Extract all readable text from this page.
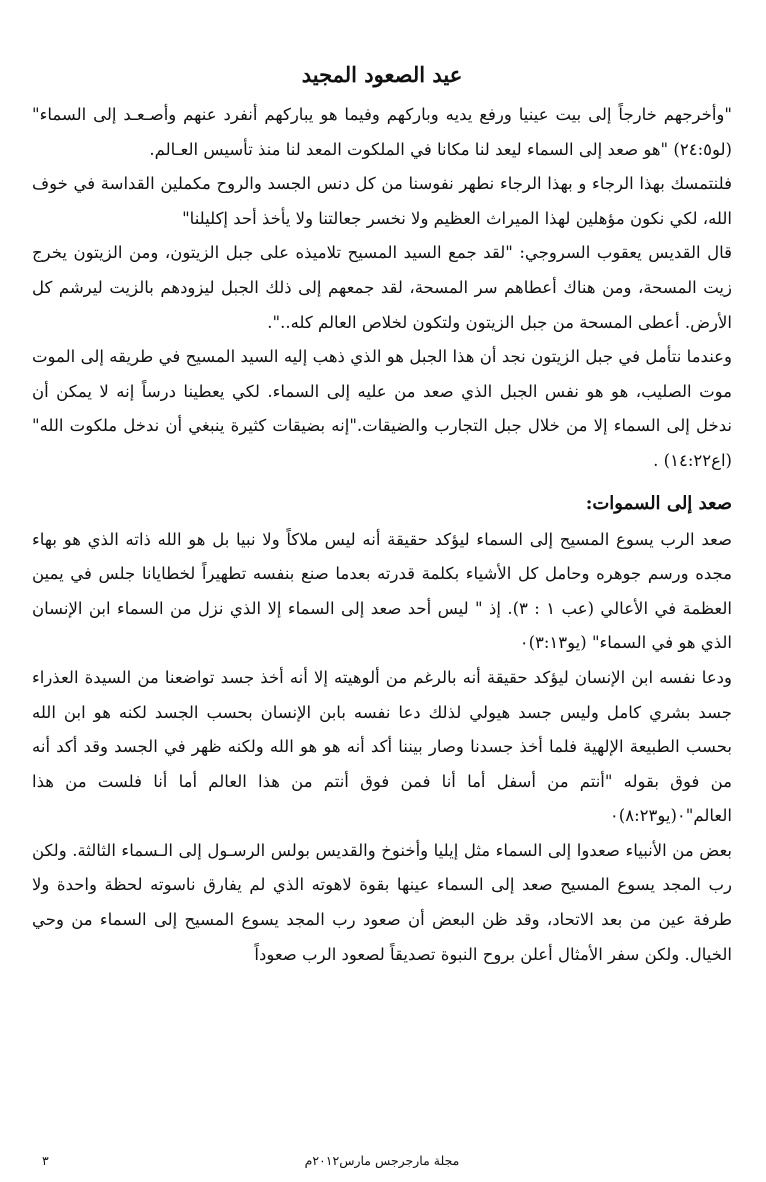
عيد الصعود المجيد

"وأخرجهم خارجاً إلى بيت عينيا ورفع يديه وباركهم وفيما هو يباركهم أنفرد عنهم وأصـعـد إلى السماء" (لو٢٤:٥) "هو صعد إلى السماء ليعد لنا مكانا في الملكوت المعد لنا منذ تأسيس العـالم.

فلنتمسك بهذا الرجاء و بهذا الرجاء نطهر نفوسنا من كل دنس الجسد والروح مكملين القداسة في خوف الله، لكي نكون مؤهلين لهذا الميراث العظيم ولا نخسر جعالتنا ولا يأخذ أحد إكليلنا"

قال القديس يعقوب السروجي: "لقد جمع السيد المسيح تلاميذه على جبل الزيتون، ومن الزيتون يخرج زيت المسحة، ومن هناك أعطاهم سر المسحة، لقد جمعهم إلى ذلك الجبل ليزودهم بالزيت ليرشم كل الأرض. أعطى المسحة من جبل الزيتون ولتكون لخلاص العالم كله..".

وعندما نتأمل في جبل الزيتون نجد أن هذا الجبل هو الذي ذهب إليه السيد المسيح في طريقه إلى الموت موت الصليب، هو هو نفس الجبل الذي صعد من عليه إلى السماء. لكي يعطينا درساً إنه لا يمكن أن ندخل إلى السماء إلا من خلال جبل التجارب والضيقات."إنه بضيقات كثيرة ينبغي أن ندخل ملكوت الله" (اع١٤:٢٢) .

صعد إلى السموات:

صعد الرب يسوع المسيح إلى السماء ليؤكد حقيقة أنه ليس ملاكاً ولا نبيا بل هو الله ذاته الذي هو بهاء مجده ورسم جوهره وحامل كل الأشياء بكلمة قدرته بعدما صنع بنفسه تطهيراً لخطايانا جلس في يمين العظمة في الأعالي (عب ١ : ٣). إذ " ليس أحد صعد إلى السماء إلا الذي نزل من السماء ابن الإنسان الذي هو في السماء" (يو٣:١٣)٠

ودعا نفسه ابن الإنسان ليؤكد حقيقة أنه بالرغم من ألوهيته إلا أنه أخذ جسد تواضعنا من السيدة العذراء جسد بشري كامل وليس جسد هيولي لذلك دعا نفسه بابن الإنسان بحسب الجسد لكنه هو ابن الله بحسب الطبيعة الإلهية فلما أخذ جسدنا وصار بيننا أكد أنه هو هو الله ولكنه ظهر في الجسد وقد أكد أنه من فوق بقوله "أنتم من أسفل أما أنا فمن فوق أنتم من هذا العالم أما أنا فلست من هذا العالم"٠(يو٨:٢٣)٠

بعض من الأنبياء صعدوا إلى السماء مثل إيليا وأخنوخ والقديس بولس الرسـول إلى الـسماء الثالثة. ولكن رب المجد يسوع المسيح صعد إلى السماء عينها بقوة لاهوته الذي لم يفارق ناسوته لحظة واحدة ولا طرفة عين من بعد الاتحاد، وقد ظن البعض أن صعود رب المجد يسوع المسيح إلى السماء من وحي الخيال. ولكن سفر الأمثال أعلن بروح النبوة تصديقاً لصعود الرب صعوداً

مجلة مارجرجس مارس٢٠١٢م
٣
